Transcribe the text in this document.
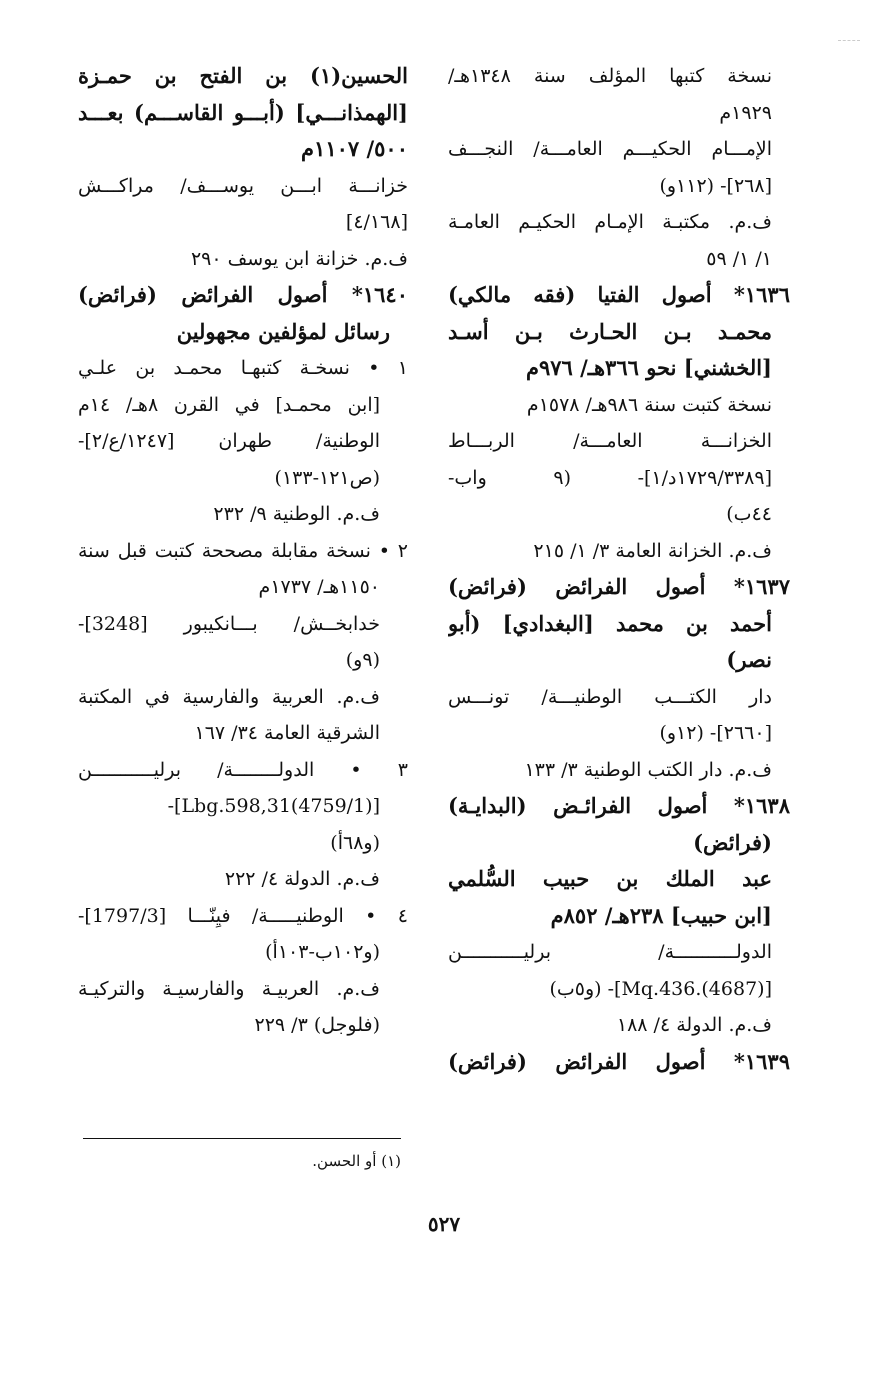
نسخة كتبها المؤلف سنة ١٣٤٨هـ/
١٩٢٩م
الإمـــام الحكيـــم العامـــة/ النجـــف
[٢٦٨]- (١١٢و)
ف.م. مكتبـة الإمـام الحكيـم العامـة
١/ ١/ ٥٩
١٦٣٦* أصول الفتيا (فقه مالكي)
محمـد بـن الحـارث بـن أسـد
[الخشني] نحو ٣٦٦هـ/ ٩٧٦م
نسخة كتبت سنة ٩٨٦هـ/ ١٥٧٨م
الخزانـــة العامـــة/ الربـــاط
[١٧٢٩/٣٣٨٩د/١]- (٩ واب-
٤٤ب)
ف.م. الخزانة العامة ٣/ ١/ ٢١٥
١٦٣٧* أصول الفرائض (فرائض)
أحمد بن محمد [البغدادي] (أبو
نصر)
دار الكتـــب الوطنيـــة/ تونـــس
[٢٦٦٠]- (١٢و)
ف.م. دار الكتب الوطنية ٣/ ١٣٣
١٦٣٨* أصول الفرائـض (البدايـة)
(فرائض)
عبد الملك بن حبيب السُّلمي
[ابن حبيب] ٢٣٨هـ/ ٨٥٢م
الدولـــــــــــة/ برليـــــــــــن
[Mq.436.(4687)]- (و٥ب)
ف.م. الدولة ٤/ ١٨٨
١٦٣٩* أصول الفرائض (فرائض)
الحسين(١) بن الفتح بن حمـزة
[الهمذانـــي] (أبـــو القاســـم) بعـــد
٥٠٠/ ١١٠٧م
خزانـــة ابـــن يوســـف/ مراكـــش
[٤/١٦٨]
ف.م. خزانة ابن يوسف ٢٩٠
١٦٤٠* أصول الفرائض (فرائض)
رسائل لمؤلفين مجهولين
١ • نسخـة كتبهـا محمـد بن علـي
[ابن محمـد] في القرن ٨هـ/ ١٤م
الوطنية/ طهران [١٢٤٧/ع/٢]-
(ص١٢١-١٣٣)
ف.م. الوطنية ٩/ ٢٣٢
٢ • نسخة مقابلة مصححة كتبت قبل سنة
١١٥٠هـ/ ١٧٣٧م
خدابخــش/ بـــانكيبور [3248]-
(٩و)
ف.م. العربية والفارسية في المكتبة
الشرقية العامة ٣٤/ ١٦٧
٣ • الدولــــــــة/ برليـــــــــــن
[Lbg.598,31(4759/1)]-
(و٦٨أ)
ف.م. الدولة ٤/ ٢٢٢
٤ • الوطنيـــــة/ فيِنّـــا [1797/3]-
(و١٠٢ب-١٠٣أ)
ف.م. العربيـة والفارسيـة والتركيـة
(فلوجل) ٣/ ٢٢٩
(١) أو الحسن.
٥٢٧
